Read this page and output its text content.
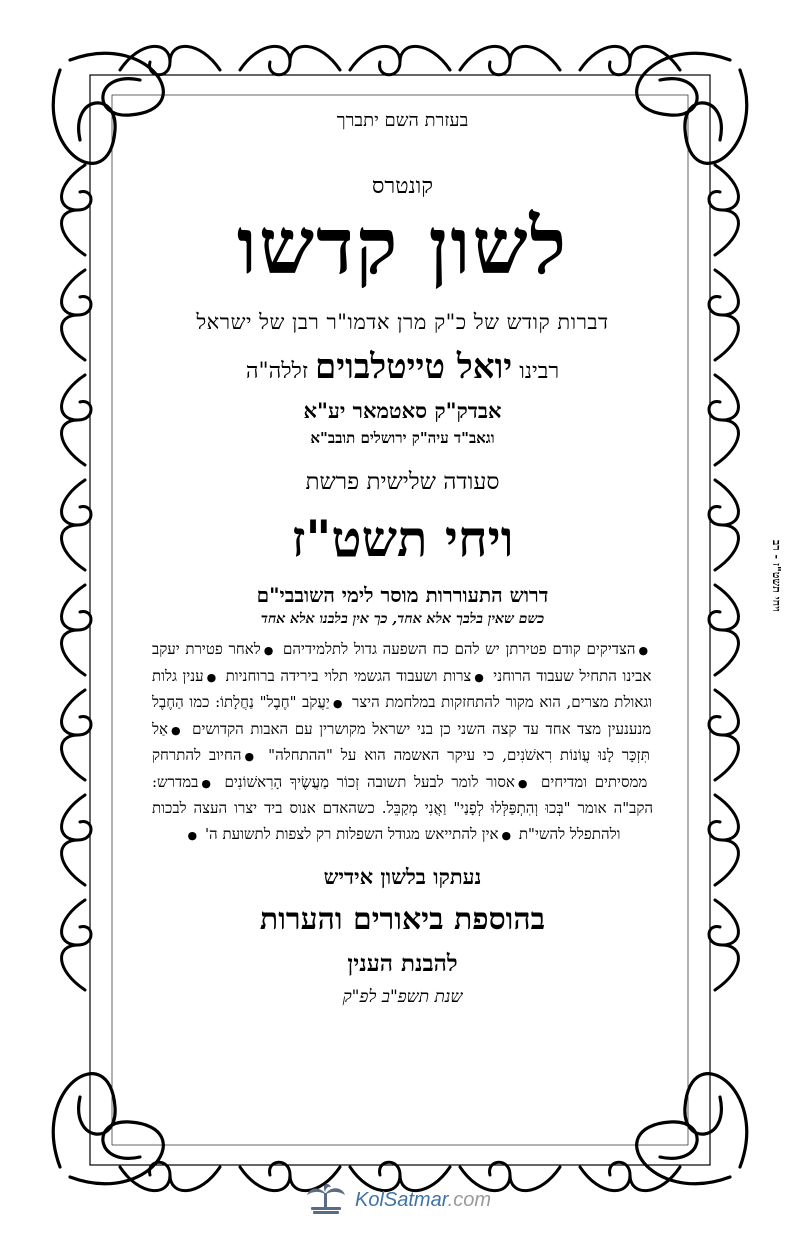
בעזרת השם יתברך
קונטרס
לשון קדשו
דברות קודש של כ"ק מרן אדמו"ר רבן של ישראל
רבינו יואל טייטלבוים זללה"ה
אבדק"ק סאטמאר יע"א
וגאב"ד עיה"ק ירושלים תובב"א
סעודה שלישית פרשת
ויחי תשט"ז
דרוש התעוררות מוסר לימי השובבי"ם
כשם שאין בלבך אלא אחד, כך אין בלבנו אלא אחד
●הצדיקים קודם פטירתן יש להם כח השפעה גדול לתלמידיהם ●לאחר פטירת יעקב אבינו התחיל שעבוד הרוחני ●צרות ושעבוד הגשמי תלוי בירידה ברוחניות ●ענין גלות וגאולת מצרים, הוא מקור להתחזקות במלחמת היצר ●יַעֲקֹב "חֶבֶל" נַחֲלָתוֹ: כמו הַחֶבֶל מנענעין מצד אחד עד קצה השני כן בני ישראל מקושרין עם האבות הקדושים ●אַל תִּזְכָּר לָנוּ עֲוֹנוֹת רִאשֹׁנִים, כי עיקר האשמה הוא על "ההתחלה" ●החיוב להתרחק ממסיתים ומדיחים ●אסור לומר לבעל תשובה זְכוֹר מַעֲשֶׂיךָ הָרִאשׁוֹנִים ●במדרש: הקב"ה אומר "בְּכוּ וְהִתְפַּלְּלוּ לְפָנַי" וַאֲנִי מְקַבֵּל. כשהאדם אנוס ביד יצרו העצה לבכות ולהתפלל להשי"ת ●אין להתייאש מגודל השפלות רק לצפות לתשועת ה' ●
נעתקו בלשון אידיש
בהוספת ביאורים והערות
להבנת הענין
שנת תשפ"ב לפ"ק
ויחי תשט"ז - רב
KolSatmar.com
